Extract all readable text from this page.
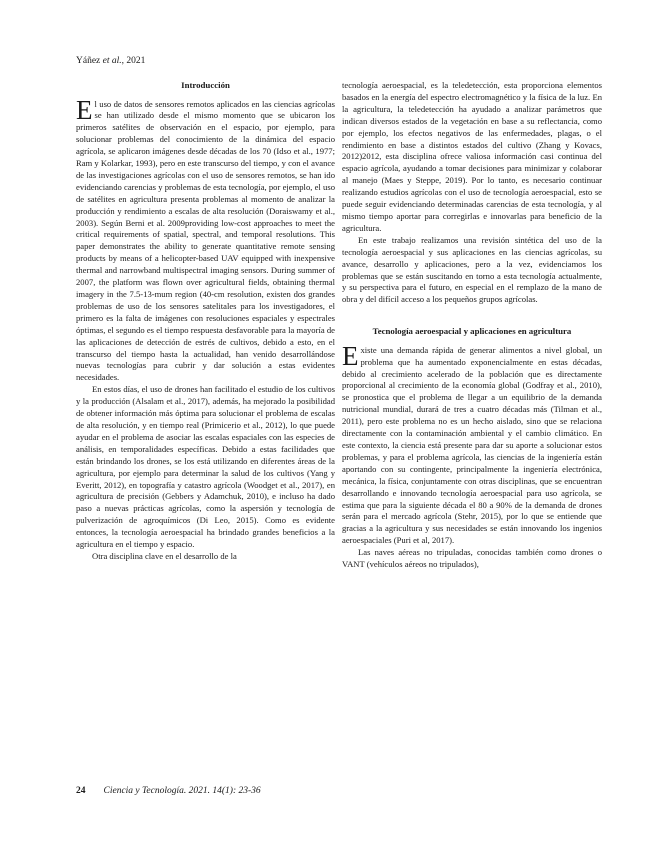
Yáñez et al., 2021
Introducción

El uso de datos de sensores remotos aplicados en las ciencias agrícolas se han utilizado desde el mismo momento que se ubicaron los primeros satélites de observación en el espacio, por ejemplo, para solucionar problemas del conocimiento de la dinámica del espacio agrícola, se aplicaron imágenes desde décadas de los 70 (Idso et al., 1977; Ram y Kolarkar, 1993), pero en este transcurso del tiempo, y con el avance de las investigaciones agrícolas con el uso de sensores remotos, se han ido evidenciando carencias y problemas de esta tecnología, por ejemplo, el uso de satélites en agricultura presenta problemas al momento de analizar la producción y rendimiento a escalas de alta resolución (Doraiswamy et al., 2003). Según Berni et al. 2009providing low-cost approaches to meet the critical requirements of spatial, spectral, and temporal resolutions. This paper demonstrates the ability to generate quantitative remote sensing products by means of a helicopter-based UAV equipped with inexpensive thermal and narrowband multispectral imaging sensors. During summer of 2007, the platform was flown over agricultural fields, obtaining thermal imagery in the 7.5-13-mum region (40-cm resolution, existen dos grandes problemas de uso de los sensores satelitales para los investigadores, el primero es la falta de imágenes con resoluciones espaciales y espectrales óptimas, el segundo es el tiempo respuesta desfavorable para la mayoría de las aplicaciones de detección de estrés de cultivos, debido a esto, en el transcurso del tiempo hasta la actualidad, han venido desarrollándose nuevas tecnologías para cubrir y dar solución a estas evidentes necesidades.

En estos días, el uso de drones han facilitado el estudio de los cultivos y la producción (Alsalam et al., 2017), además, ha mejorado la posibilidad de obtener información más óptima para solucionar el problema de escalas de alta resolución, y en tiempo real (Primicerio et al., 2012), lo que puede ayudar en el problema de asociar las escalas espaciales con las especies de análisis, en temporalidades específicas. Debido a estas facilidades que están brindando los drones, se los está utilizando en diferentes áreas de la agricultura, por ejemplo para determinar la salud de los cultivos (Yang y Everitt, 2012), en topografía y catastro agrícola (Woodget et al., 2017), en agricultura de precisión (Gebbers y Adamchuk, 2010), e incluso ha dado paso a nuevas prácticas agrícolas, como la aspersión y tecnología de pulverización de agroquímicos (Di Leo, 2015). Como es evidente entonces, la tecnología aeroespacial ha brindado grandes beneficios a la agricultura en el tiempo y espacio.

Otra disciplina clave en el desarrollo de la

tecnología aeroespacial, es la teledetección, esta proporciona elementos basados en la energía del espectro electromagnético y la física de la luz. En la agricultura, la teledetección ha ayudado a analizar parámetros que indican diversos estados de la vegetación en base a su reflectancia, como por ejemplo, los efectos negativos de las enfermedades, plagas, o el rendimiento en base a distintos estados del cultivo (Zhang y Kovacs, 2012)2012, esta disciplina ofrece valiosa información casi continua del espacio agrícola, ayudando a tomar decisiones para minimizar y colaborar al manejo (Maes y Steppe, 2019). Por lo tanto, es necesario continuar realizando estudios agrícolas con el uso de tecnología aeroespacial, esto se puede seguir evidenciando determinadas carencias de esta tecnología, y al mismo tiempo aportar para corregirlas e innovarlas para beneficio de la agricultura.

En este trabajo realizamos una revisión sintética del uso de la tecnología aeroespacial y sus aplicaciones en las ciencias agrícolas, su avance, desarrollo y aplicaciones, pero a la vez, evidenciamos los problemas que se están suscitando en torno a esta tecnología actualmente, y su perspectiva para el futuro, en especial en el remplazo de la mano de obra y del difícil acceso a los pequeños grupos agrícolas.

Tecnología aeroespacial y aplicaciones en agricultura

Existe una demanda rápida de generar alimentos a nivel global, un problema que ha aumentado exponencialmente en estas décadas, debido al crecimiento acelerado de la población que es directamente proporcional al crecimiento de la economía global (Godfray et al., 2010), se pronostica que el problema de llegar a un equilibrio de la demanda nutricional mundial, durará de tres a cuatro décadas más (Tilman et al., 2011), pero este problema no es un hecho aislado, sino que se relaciona directamente con la contaminación ambiental y el cambio climático. En este contexto, la ciencia está presente para dar su aporte a solucionar estos problemas, y para el problema agrícola, las ciencias de la ingeniería están aportando con su contingente, principalmente la ingeniería electrónica, mecánica, la física, conjuntamente con otras disciplinas, que se encuentran desarrollando e innovando tecnología aeroespacial para uso agrícola, se estima que para la siguiente década el 80 a 90% de la demanda de drones serán para el mercado agrícola (Stehr, 2015), por lo que se entiende que gracias a la agricultura y sus necesidades se están innovando los ingenios aeroespaciales (Puri et al, 2017).

Las naves aéreas no tripuladas, conocidas también como drones o VANT (vehículos aéreos no tripulados),

24 Ciencia y Tecnología. 2021. 14(1): 23-36
